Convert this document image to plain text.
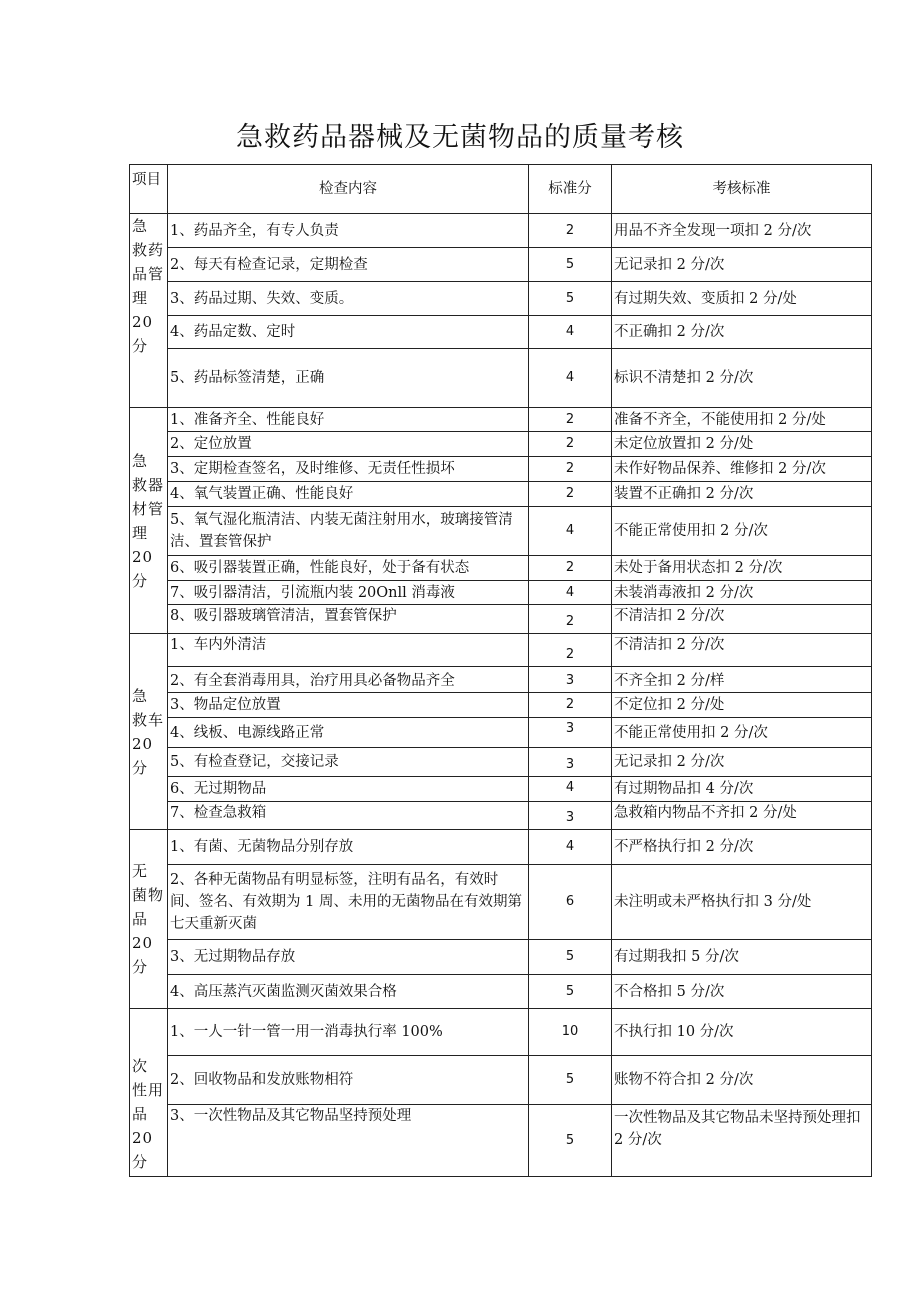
急救药品器械及无菌物品的质量考核
项目	检查内容	标准分	考核标准
急 救药 品管理20 分	1、药品齐全，有专人负责	2	用品不齐全发现一项扣 2 分/次
	2、每天有检查记录，定期检查	5	无记录扣 2 分/次
	3、药品过期、失效、变质。	5	有过期失效、变质扣 2 分/处
	4、药品定数、定时	4	不正确扣 2 分/次
	5、药品标签清楚，正确	4	标识不清楚扣 2 分/次
急 救器 材管理20 分	1、准备齐全、性能良好	2	准备不齐全，不能使用扣 2 分/处
	2、定位放置	2	未定位放置扣 2 分/处
	3、定期检查签名，及时维修、无责任性损坏	2	未作好物品保养、维修扣 2 分/次
	4、氧气装置正确、性能良好	2	装置不正确扣 2 分/次
	5、氧气湿化瓶清洁、内装无菌注射用水，玻璃接管清洁、置套管保护	4	不能正常使用扣 2 分/次
	6、吸引器装置正确，性能良好，处于备有状态	2	未处于备用状态扣 2 分/次
	7、吸引器清洁，引流瓶内装 20Onll 消毒液	4	未装消毒液扣 2 分/次
	8、吸引器玻璃管清洁，置套管保护	2	不清洁扣 2 分/次
急 救车 20分	1、车内外清洁	2	不清洁扣 2 分/次
	2、有全套消毒用具，治疗用具必备物品齐全	3	不齐全扣 2 分/样
	3、物品定位放置	2	不定位扣 2 分/处
	4、线板、电源线路正常	3	不能正常使用扣 2 分/次
	5、有检查登记，交接记录	3	无记录扣 2 分/次
	6、无过期物品	4	有过期物品扣 4 分/次
	7、检查急救箱	3	急救箱内物品不齐扣 2 分/处
无 菌物品20 分	1、有菌、无菌物品分别存放	4	不严格执行扣 2 分/次
	2、各种无菌物品有明显标签，注明有品名，有效时间、签名、有效期为 1 周、未用的无菌物品在有效期第七天重新灭菌	6	未注明或未严格执行扣 3 分/处
	3、无过期物品存放	5	有过期我扣 5 分/次
	4、高压蒸汽灭菌监测灭菌效果合格	5	不合格扣 5 分/次
次 性用品20 分	1、一人一针一管一用一消毒执行率 100%	10	不执行扣 10 分/次
	2、回收物品和发放账物相符	5	账物不符合扣 2 分/次
	3、一次性物品及其它物品坚持预处理	5	一次性物品及其它物品未坚持预处理扣 2 分/次
